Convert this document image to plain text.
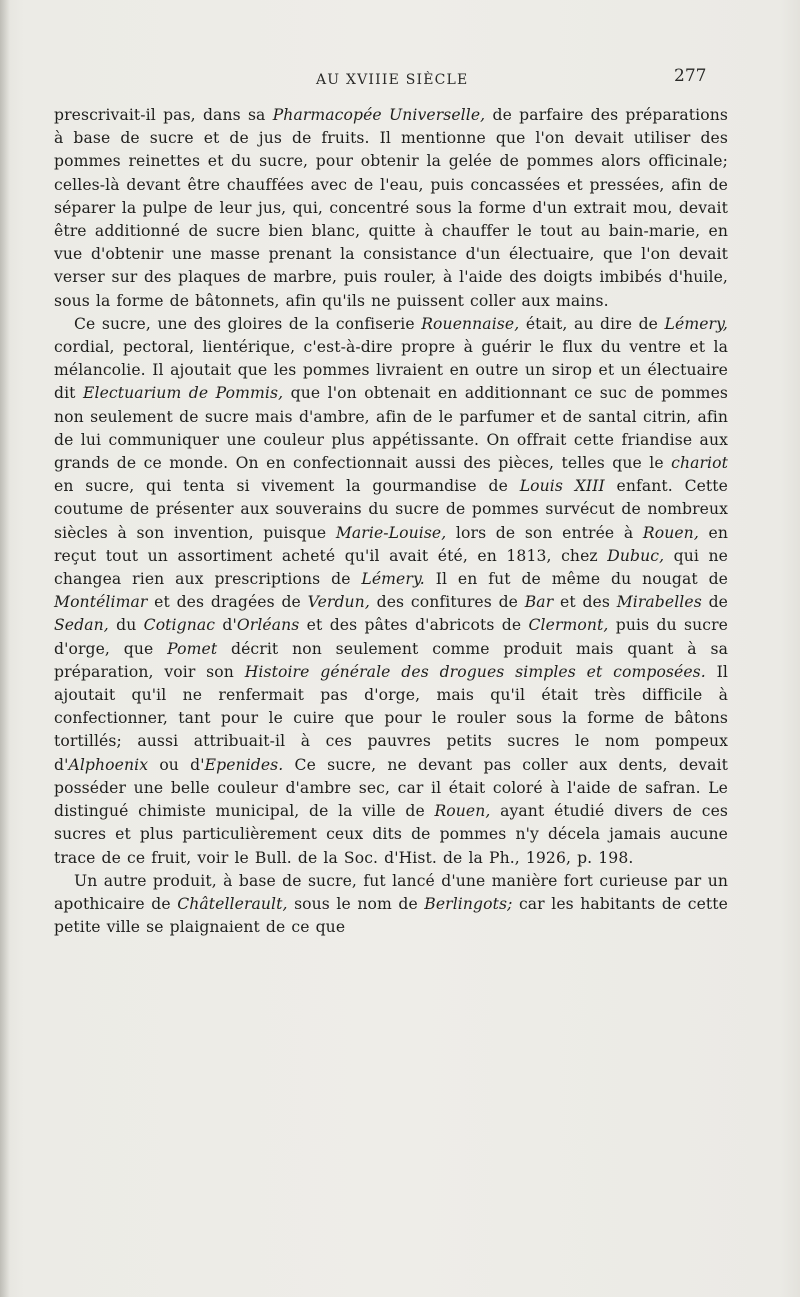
AU XVIIIE SIÈCLE	277

prescrivait-il pas, dans sa Pharmacopée Universelle, de parfaire des préparations à base de sucre et de jus de fruits. Il mentionne que l'on devait utiliser des pommes reinettes et du sucre, pour obtenir la gelée de pommes alors officinale; celles-là devant être chauffées avec de l'eau, puis concassées et pressées, afin de séparer la pulpe de leur jus, qui, concentré sous la forme d'un extrait mou, devait être additionné de sucre bien blanc, quitte à chauffer le tout au bain-marie, en vue d'obtenir une masse prenant la consistance d'un électuaire, que l'on devait verser sur des plaques de marbre, puis rouler, à l'aide des doigts imbibés d'huile, sous la forme de bâtonnets, afin qu'ils ne puissent coller aux mains.

Ce sucre, une des gloires de la confiserie Rouennaise, était, au dire de Lémery, cordial, pectoral, lientérique, c'est-à-dire propre à guérir le flux du ventre et la mélancolie. Il ajoutait que les pommes livraient en outre un sirop et un électuaire dit Electuarium de Pommis, que l'on obtenait en additionnant ce suc de pommes non seulement de sucre mais d'ambre, afin de le parfumer et de santal citrin, afin de lui communiquer une couleur plus appétissante. On offrait cette friandise aux grands de ce monde. On en confectionnait aussi des pièces, telles que le chariot en sucre, qui tenta si vivement la gourmandise de Louis XIII enfant. Cette coutume de présenter aux souverains du sucre de pommes survécut de nombreux siècles à son invention, puisque Marie-Louise, lors de son entrée à Rouen, en reçut tout un assortiment acheté qu'il avait été, en 1813, chez Dubuc, qui ne changea rien aux prescriptions de Lémery. Il en fut de même du nougat de Montélimar et des dragées de Verdun, des confitures de Bar et des Mirabelles de Sedan, du Cotignac d'Orléans et des pâtes d'abricots de Clermont, puis du sucre d'orge, que Pomet décrit non seulement comme produit mais quant à sa préparation, voir son Histoire générale des drogues simples et composées. Il ajoutait qu'il ne renfermait pas d'orge, mais qu'il était très difficile à confectionner, tant pour le cuire que pour le rouler sous la forme de bâtons tortillés; aussi attribuait-il à ces pauvres petits sucres le nom pompeux d'Alphoenix ou d'Epenides. Ce sucre, ne devant pas coller aux dents, devait posséder une belle couleur d'ambre sec, car il était coloré à l'aide de safran. Le distingué chimiste municipal, de la ville de Rouen, ayant étudié divers de ces sucres et plus particulièrement ceux dits de pommes n'y décela jamais aucune trace de ce fruit, voir le Bull. de la Soc. d'Hist. de la Ph., 1926, p. 198.

Un autre produit, à base de sucre, fut lancé d'une manière fort curieuse par un apothicaire de Châtellerault, sous le nom de Berlingots; car les habitants de cette petite ville se plaignaient de ce que
